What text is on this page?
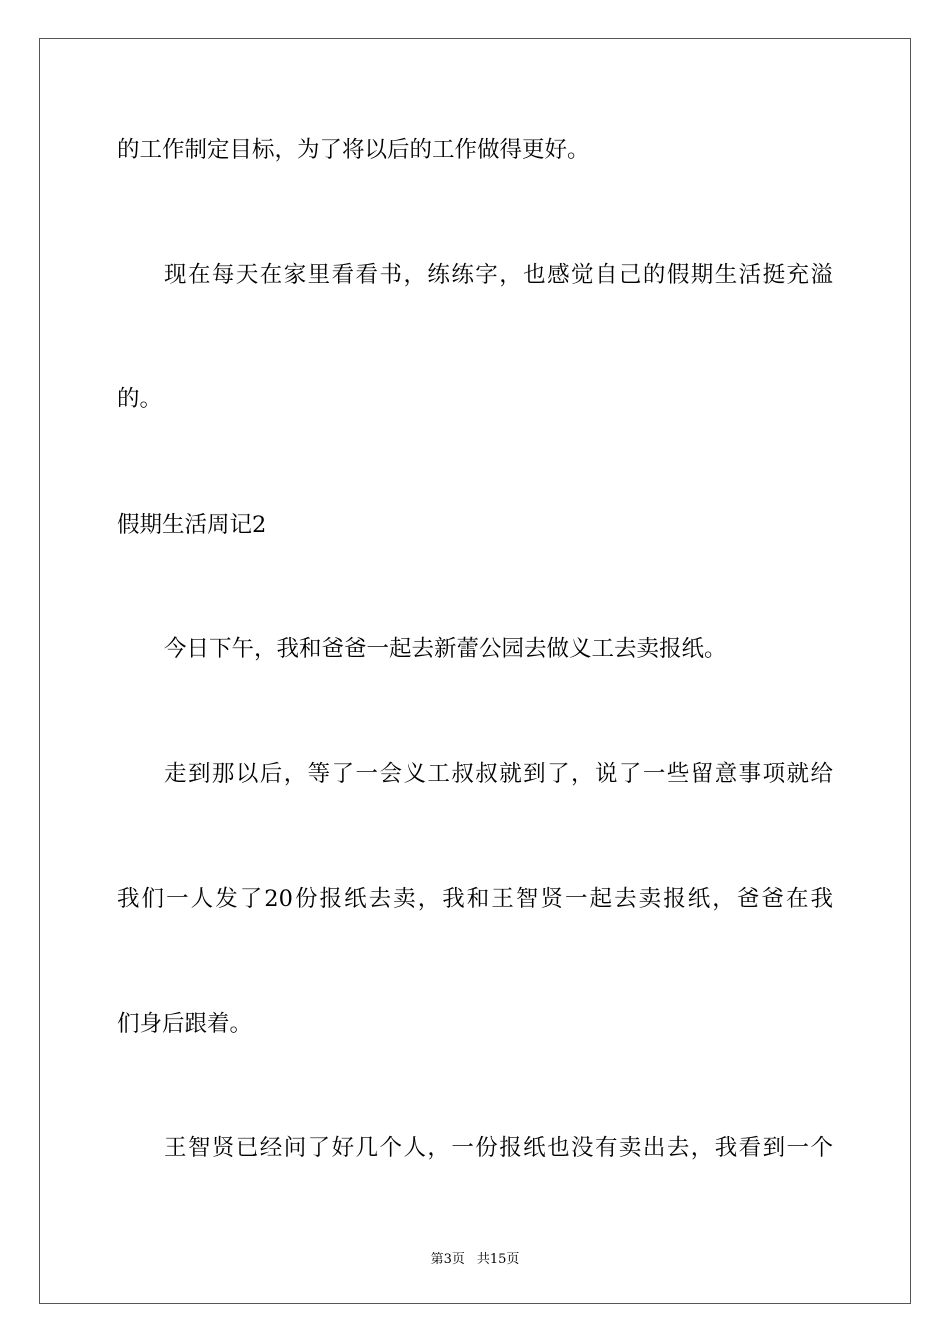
的工作制定目标，为了将以后的工作做得更好。

现在每天在家里看看书，练练字，也感觉自己的假期生活挺充溢

的。

假期生活周记2

今日下午，我和爸爸一起去新蕾公园去做义工去卖报纸。

走到那以后，等了一会义工叔叔就到了，说了一些留意事项就给

我们一人发了20份报纸去卖，我和王智贤一起去卖报纸，爸爸在我

们身后跟着。

王智贤已经问了好几个人，一份报纸也没有卖出去，我看到一个

第3页 共15页
